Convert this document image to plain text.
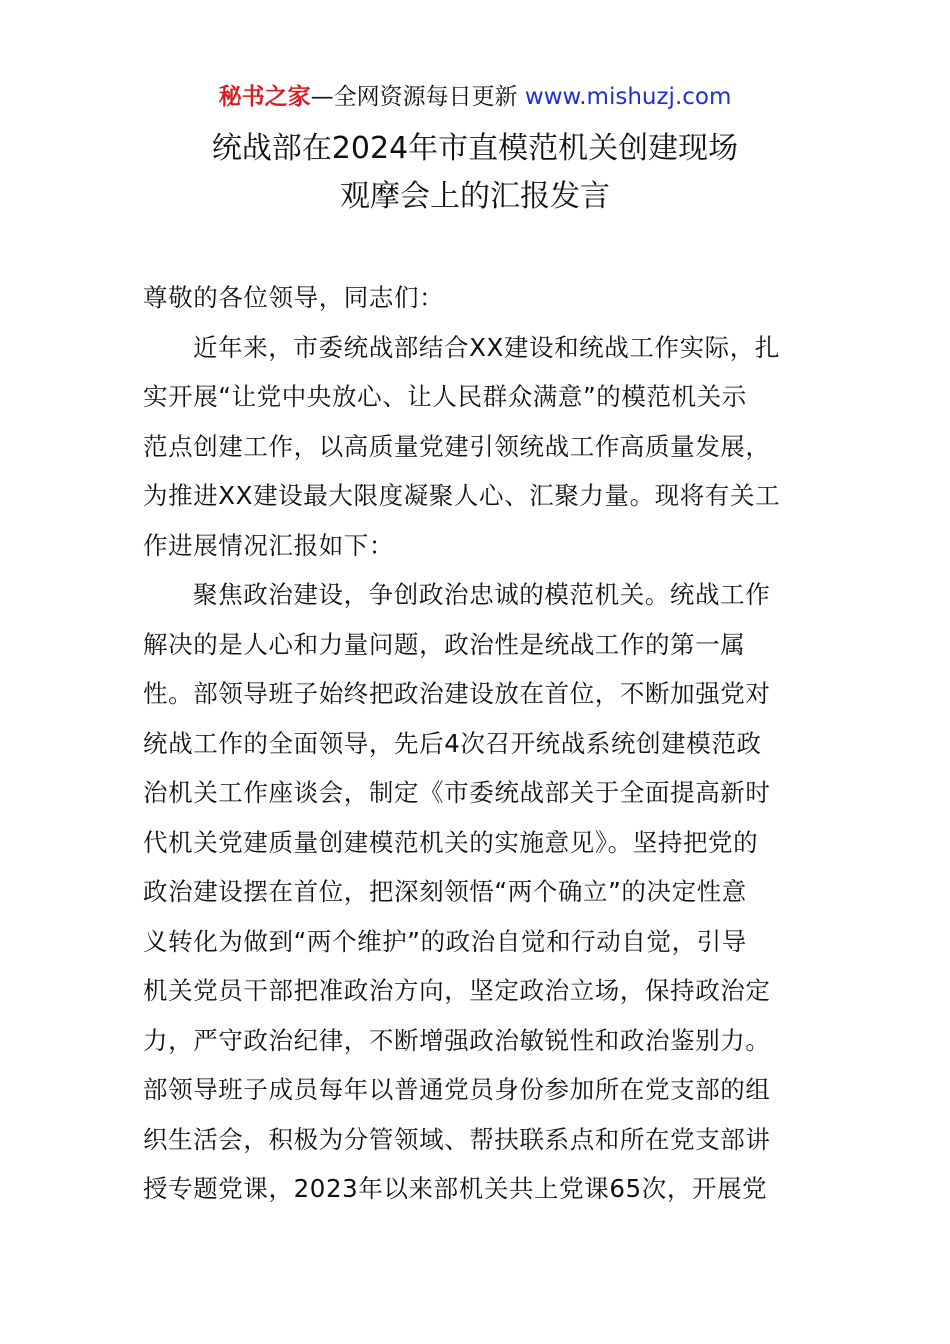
秘书之家—全网资源每日更新 www.mishuzj.com
统战部在2024年市直模范机关创建现场
观摩会上的汇报发言
尊敬的各位领导，同志们：
近年来，市委统战部结合XX建设和统战工作实际，扎
实开展“让党中央放心、让人民群众满意”的模范机关示
范点创建工作，以高质量党建引领统战工作高质量发展，
为推进XX建设最大限度凝聚人心、汇聚力量。现将有关工
作进展情况汇报如下：
聚焦政治建设，争创政治忠诚的模范机关。统战工作
解决的是人心和力量问题，政治性是统战工作的第一属
性。部领导班子始终把政治建设放在首位，不断加强党对
统战工作的全面领导，先后4次召开统战系统创建模范政
治机关工作座谈会，制定《市委统战部关于全面提高新时
代机关党建质量创建模范机关的实施意见》。坚持把党的
政治建设摆在首位，把深刻领悟“两个确立”的决定性意
义转化为做到“两个维护”的政治自觉和行动自觉，引导
机关党员干部把准政治方向，坚定政治立场，保持政治定
力，严守政治纪律，不断增强政治敏锐性和政治鉴别力。
部领导班子成员每年以普通党员身份参加所在党支部的组
织生活会，积极为分管领域、帮扶联系点和所在党支部讲
授专题党课，2023年以来部机关共上党课65次，开展党
